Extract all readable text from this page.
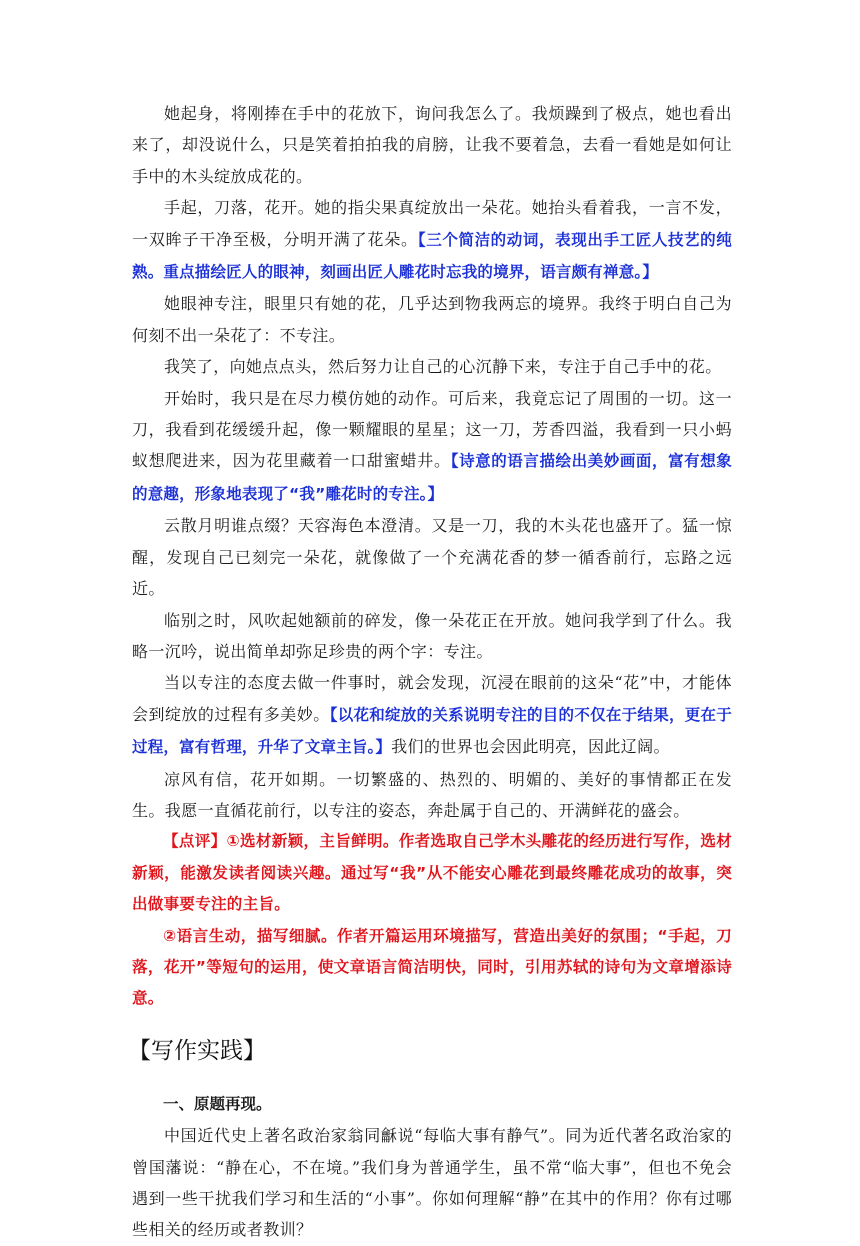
她起身，将刚捧在手中的花放下，询问我怎么了。我烦躁到了极点，她也看出来了，却没说什么，只是笑着拍拍我的肩膀，让我不要着急，去看一看她是如何让手中的木头绽放成花的。

手起，刀落，花开。她的指尖果真绽放出一朵花。她抬头看着我，一言不发，一双眸子干净至极，分明开满了花朵。【三个简洁的动词，表现出手工匠人技艺的纯熟。重点描绘匠人的眼神，刻画出匠人雕花时忘我的境界，语言颇有禅意。】

她眼神专注，眼里只有她的花，几乎达到物我两忘的境界。我终于明白自己为何刻不出一朵花了：不专注。

我笑了，向她点点头，然后努力让自己的心沉静下来，专注于自己手中的花。

开始时，我只是在尽力模仿她的动作。可后来，我竟忘记了周围的一切。这一刀，我看到花缓缓升起，像一颗耀眼的星星；这一刀，芳香四溢，我看到一只小蚂蚁想爬进来，因为花里藏着一口甜蜜蜡井。【诗意的语言描绘出美妙画面，富有想象的意趣，形象地表现了“我”雕花时的专注。】

云散月明谁点缀？天容海色本澄清。又是一刀，我的木头花也盛开了。猛一惊醒，发现自己已刻完一朵花，就像做了一个充满花香的梦一循香前行，忘路之远近。

临别之时，风吹起她额前的碎发，像一朵花正在开放。她问我学到了什么。我略一沉吟，说出简单却弥足珍贵的两个字：专注。

当以专注的态度去做一件事时，就会发现，沉浸在眼前的这朵“花”中，才能体会到绽放的过程有多美妙。【以花和绽放的关系说明专注的目的不仅在于结果，更在于过程，富有哲理，升华了文章主旨。】我们的世界也会因此明亮，因此辽阔。

凉风有信，花开如期。一切繁盛的、热烈的、明媚的、美好的事情都正在发生。我愿一直循花前行，以专注的姿态，奔赴属于自己的、开满鲜花的盛会。

【点评】①选材新颖，主旨鲜明。作者选取自己学木头雕花的经历进行写作，选材新颖，能激发读者阅读兴趣。通过写“我”从不能安心雕花到最终雕花成功的故事，突出做事要专注的主旨。

②语言生动，描写细腻。作者开篇运用环境描写，营造出美好的氛围；“手起，刀落，花开”等短句的运用，使文章语言简洁明快，同时，引用苏轼的诗句为文章增添诗意。

【写作实践】

一、原题再现。

中国近代史上著名政治家翁同龢说“每临大事有静气”。同为近代著名政治家的曾国藩说：“静在心，不在境。”我们身为普通学生，虽不常“临大事”，但也不免会遇到一些干扰我们学习和生活的“小事”。你如何理解“静”在其中的作用？你有过哪些相关的经历或者教训？
